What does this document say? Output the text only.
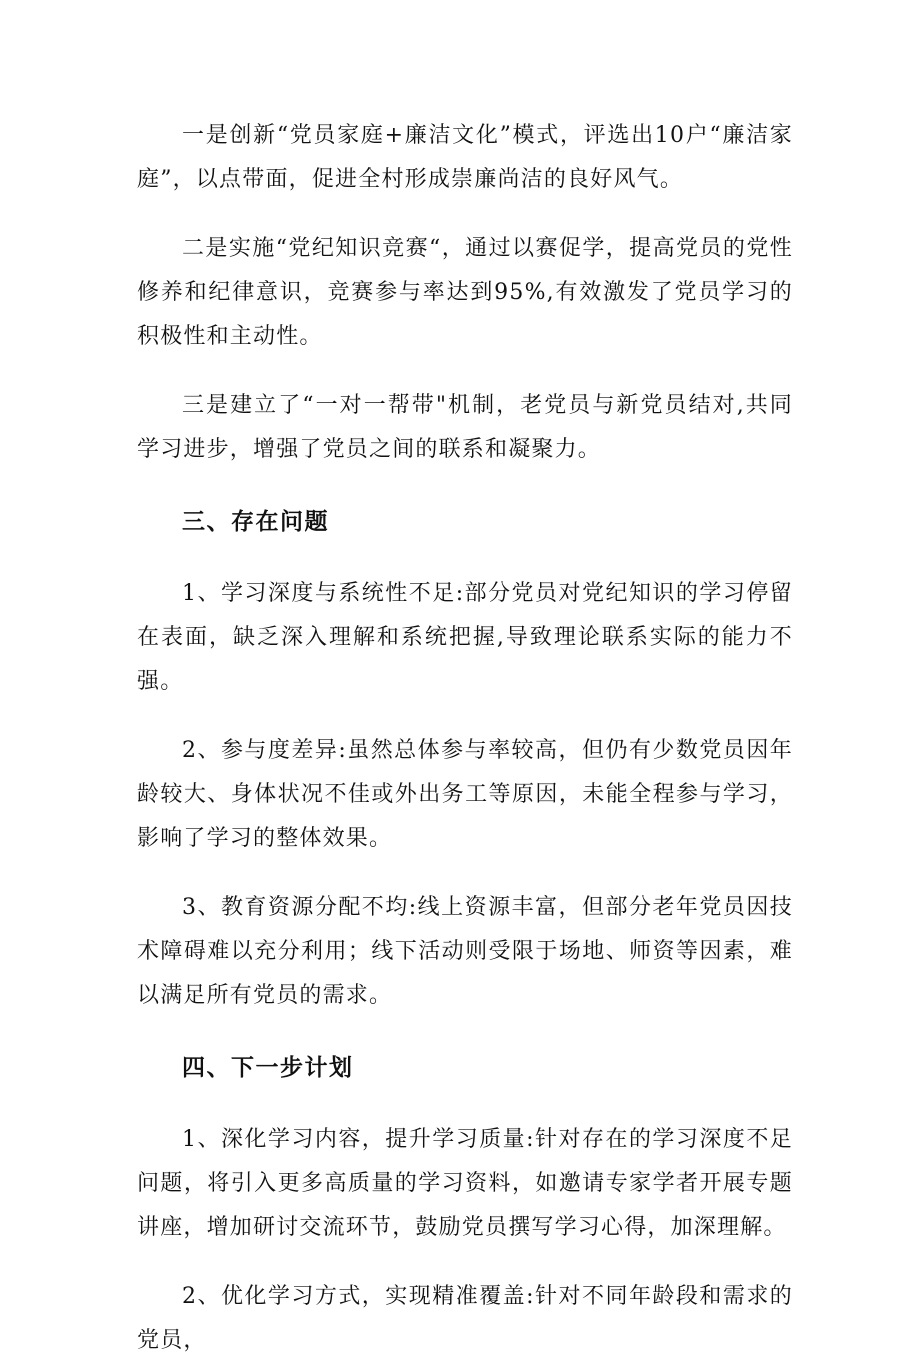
一是创新“党员家庭+廉洁文化”模式，评选出10户“廉洁家庭”，以点带面，促进全村形成崇廉尚洁的良好风气。

二是实施“党纪知识竞赛“，通过以赛促学，提高党员的党性修养和纪律意识，竞赛参与率达到95%,有效激发了党员学习的积极性和主动性。

三是建立了“一对一帮带"机制，老党员与新党员结对,共同学习进步，增强了党员之间的联系和凝聚力。

三、存在问题

1、学习深度与系统性不足:部分党员对党纪知识的学习停留在表面，缺乏深入理解和系统把握,导致理论联系实际的能力不强。

2、参与度差异:虽然总体参与率较高，但仍有少数党员因年龄较大、身体状况不佳或外出务工等原因，未能全程参与学习，影响了学习的整体效果。

3、教育资源分配不均:线上资源丰富，但部分老年党员因技术障碍难以充分利用；线下活动则受限于场地、师资等因素，难以满足所有党员的需求。

四、下一步计划

1、深化学习内容，提升学习质量:针对存在的学习深度不足问题，将引入更多高质量的学习资料，如邀请专家学者开展专题讲座，增加研讨交流环节，鼓励党员撰写学习心得，加深理解。

2、优化学习方式，实现精准覆盖:针对不同年龄段和需求的党员，
